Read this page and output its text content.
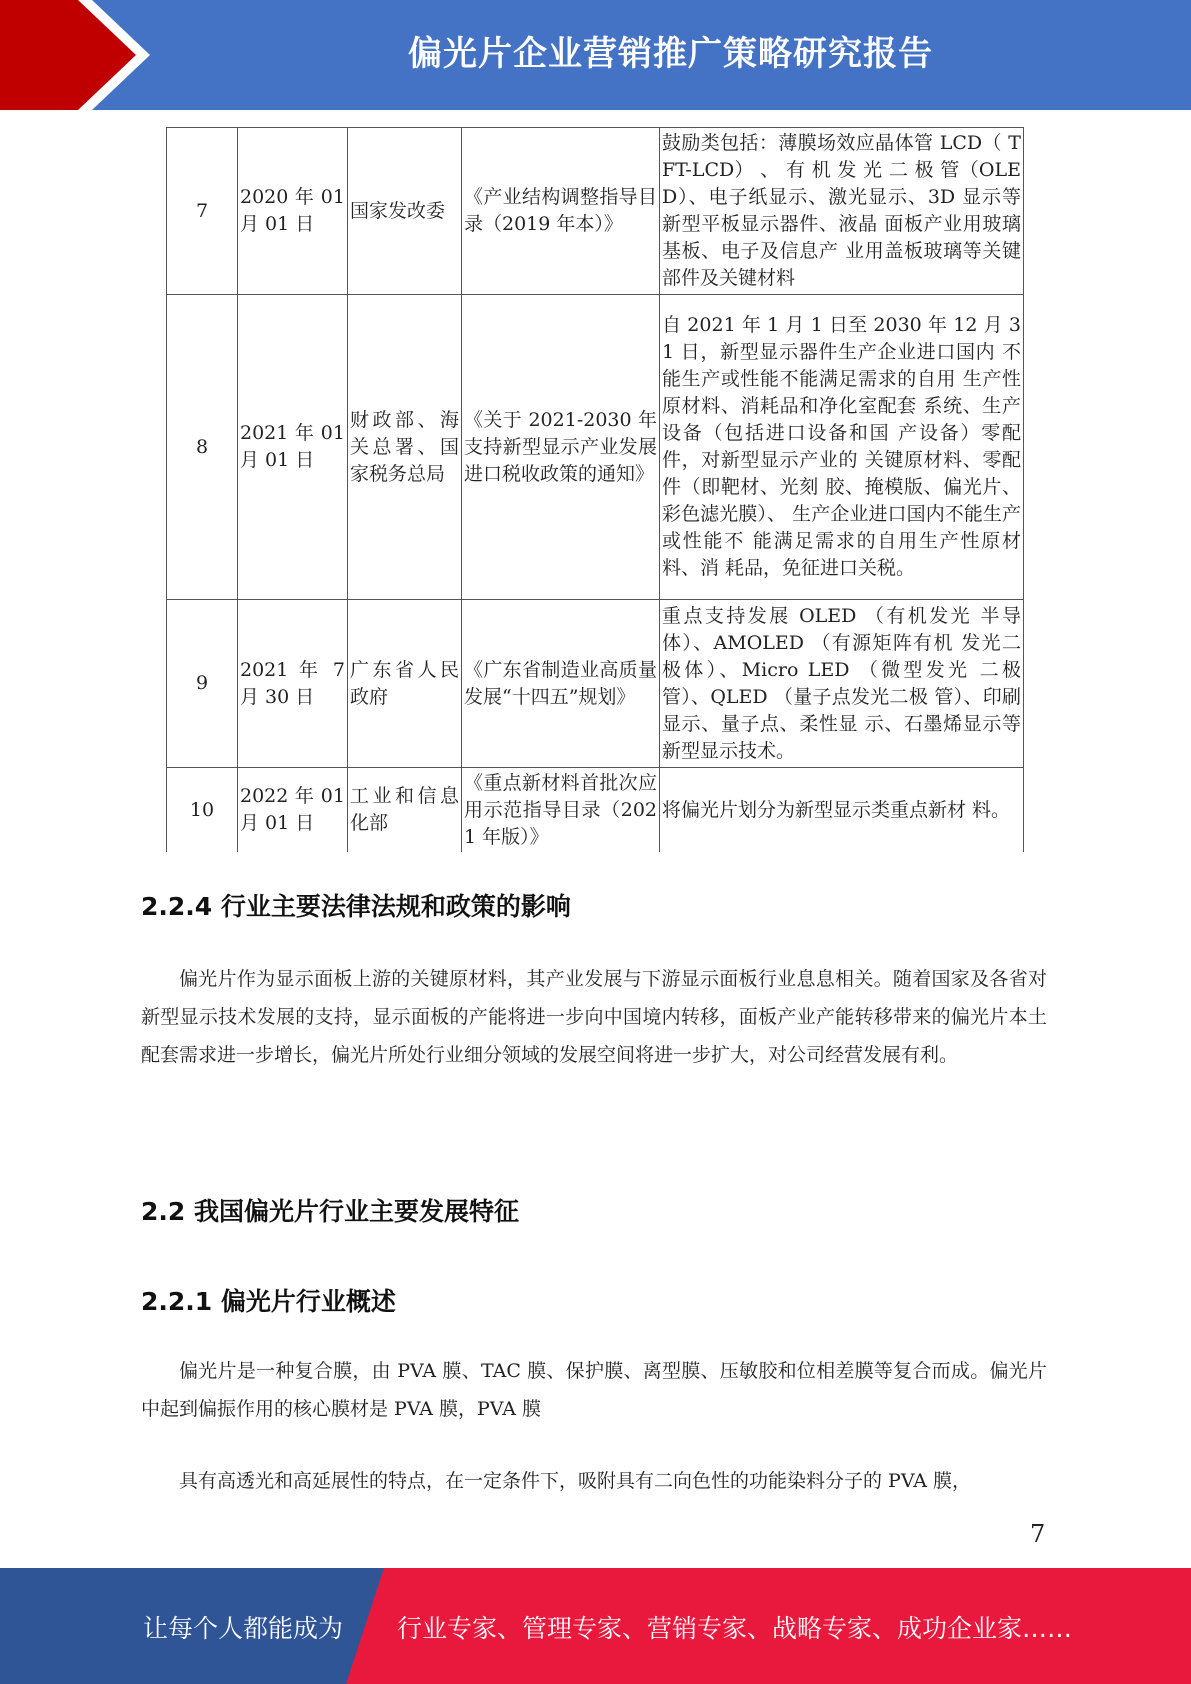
偏光片企业营销推广策略研究报告
7	2020 年 01 月 01 日	国家发改委	《产业结构调整指导目录（2019 年本）》	鼓励类包括：薄膜场效应晶体管 LCD（ TFT-LCD） 、 有 机 发 光 二 极 管（OLED）、电子纸显示、激光显示、3D 显示等新型平板显示器件、液晶 面板产业用玻璃基板、电子及信息产 业用盖板玻璃等关键部件及关键材料
8	2021 年 01 月 01 日	财政部、海关总署、国家税务总局	《关于 2021-2030 年支持新型显示产业发展进口税收政策的通知》	自 2021 年 1 月 1 日至 2030 年 12 月 31 日，新型显示器件生产企业进口国内 不能生产或性能不能满足需求的自用 生产性原材料、消耗品和净化室配套 系统、生产设备（包括进口设备和国 产设备）零配件，对新型显示产业的 关键原材料、零配件（即靶材、光刻 胶、掩模版、偏光片、彩色滤光膜）、 生产企业进口国内不能生产或性能不 能满足需求的自用生产性原材料、消 耗品，免征进口关税。
9	2021 年 7 月 30 日	广东省人民政府	《广东省制造业高质量发展“十四五”规划》	重点支持发展 OLED （有机发光 半导体）、AMOLED （有源矩阵有机 发光二极体）、Micro LED （微型发光 二极管）、QLED （量子点发光二极 管）、印刷显示、量子点、柔性显 示、石墨烯显示等新型显示技术。
10	2022 年 01 月 01 日	工业和信息化部	《重点新材料首批次应用示范指导目录（2021 年版）》	将偏光片划分为新型显示类重点新材 料。
2.2.4 行业主要法律法规和政策的影响

偏光片作为显示面板上游的关键原材料，其产业发展与下游显示面板行业息息相关。随着国家及各省对新型显示技术发展的支持，显示面板的产能将进一步向中国境内转移，面板产业产能转移带来的偏光片本土配套需求进一步增长，偏光片所处行业细分领域的发展空间将进一步扩大，对公司经营发展有利。

2.2 我国偏光片行业主要发展特征
2.2.1 偏光片行业概述

偏光片是一种复合膜，由 PVA 膜、TAC 膜、保护膜、离型膜、压敏胶和位相差膜等复合而成。偏光片中起到偏振作用的核心膜材是 PVA 膜，PVA 膜

具有高透光和高延展性的特点，在一定条件下，吸附具有二向色性的功能染料分子的 PVA 膜，

7
让每个人都能成为 行业专家、管理专家、营销专家、战略专家、成功企业家……
